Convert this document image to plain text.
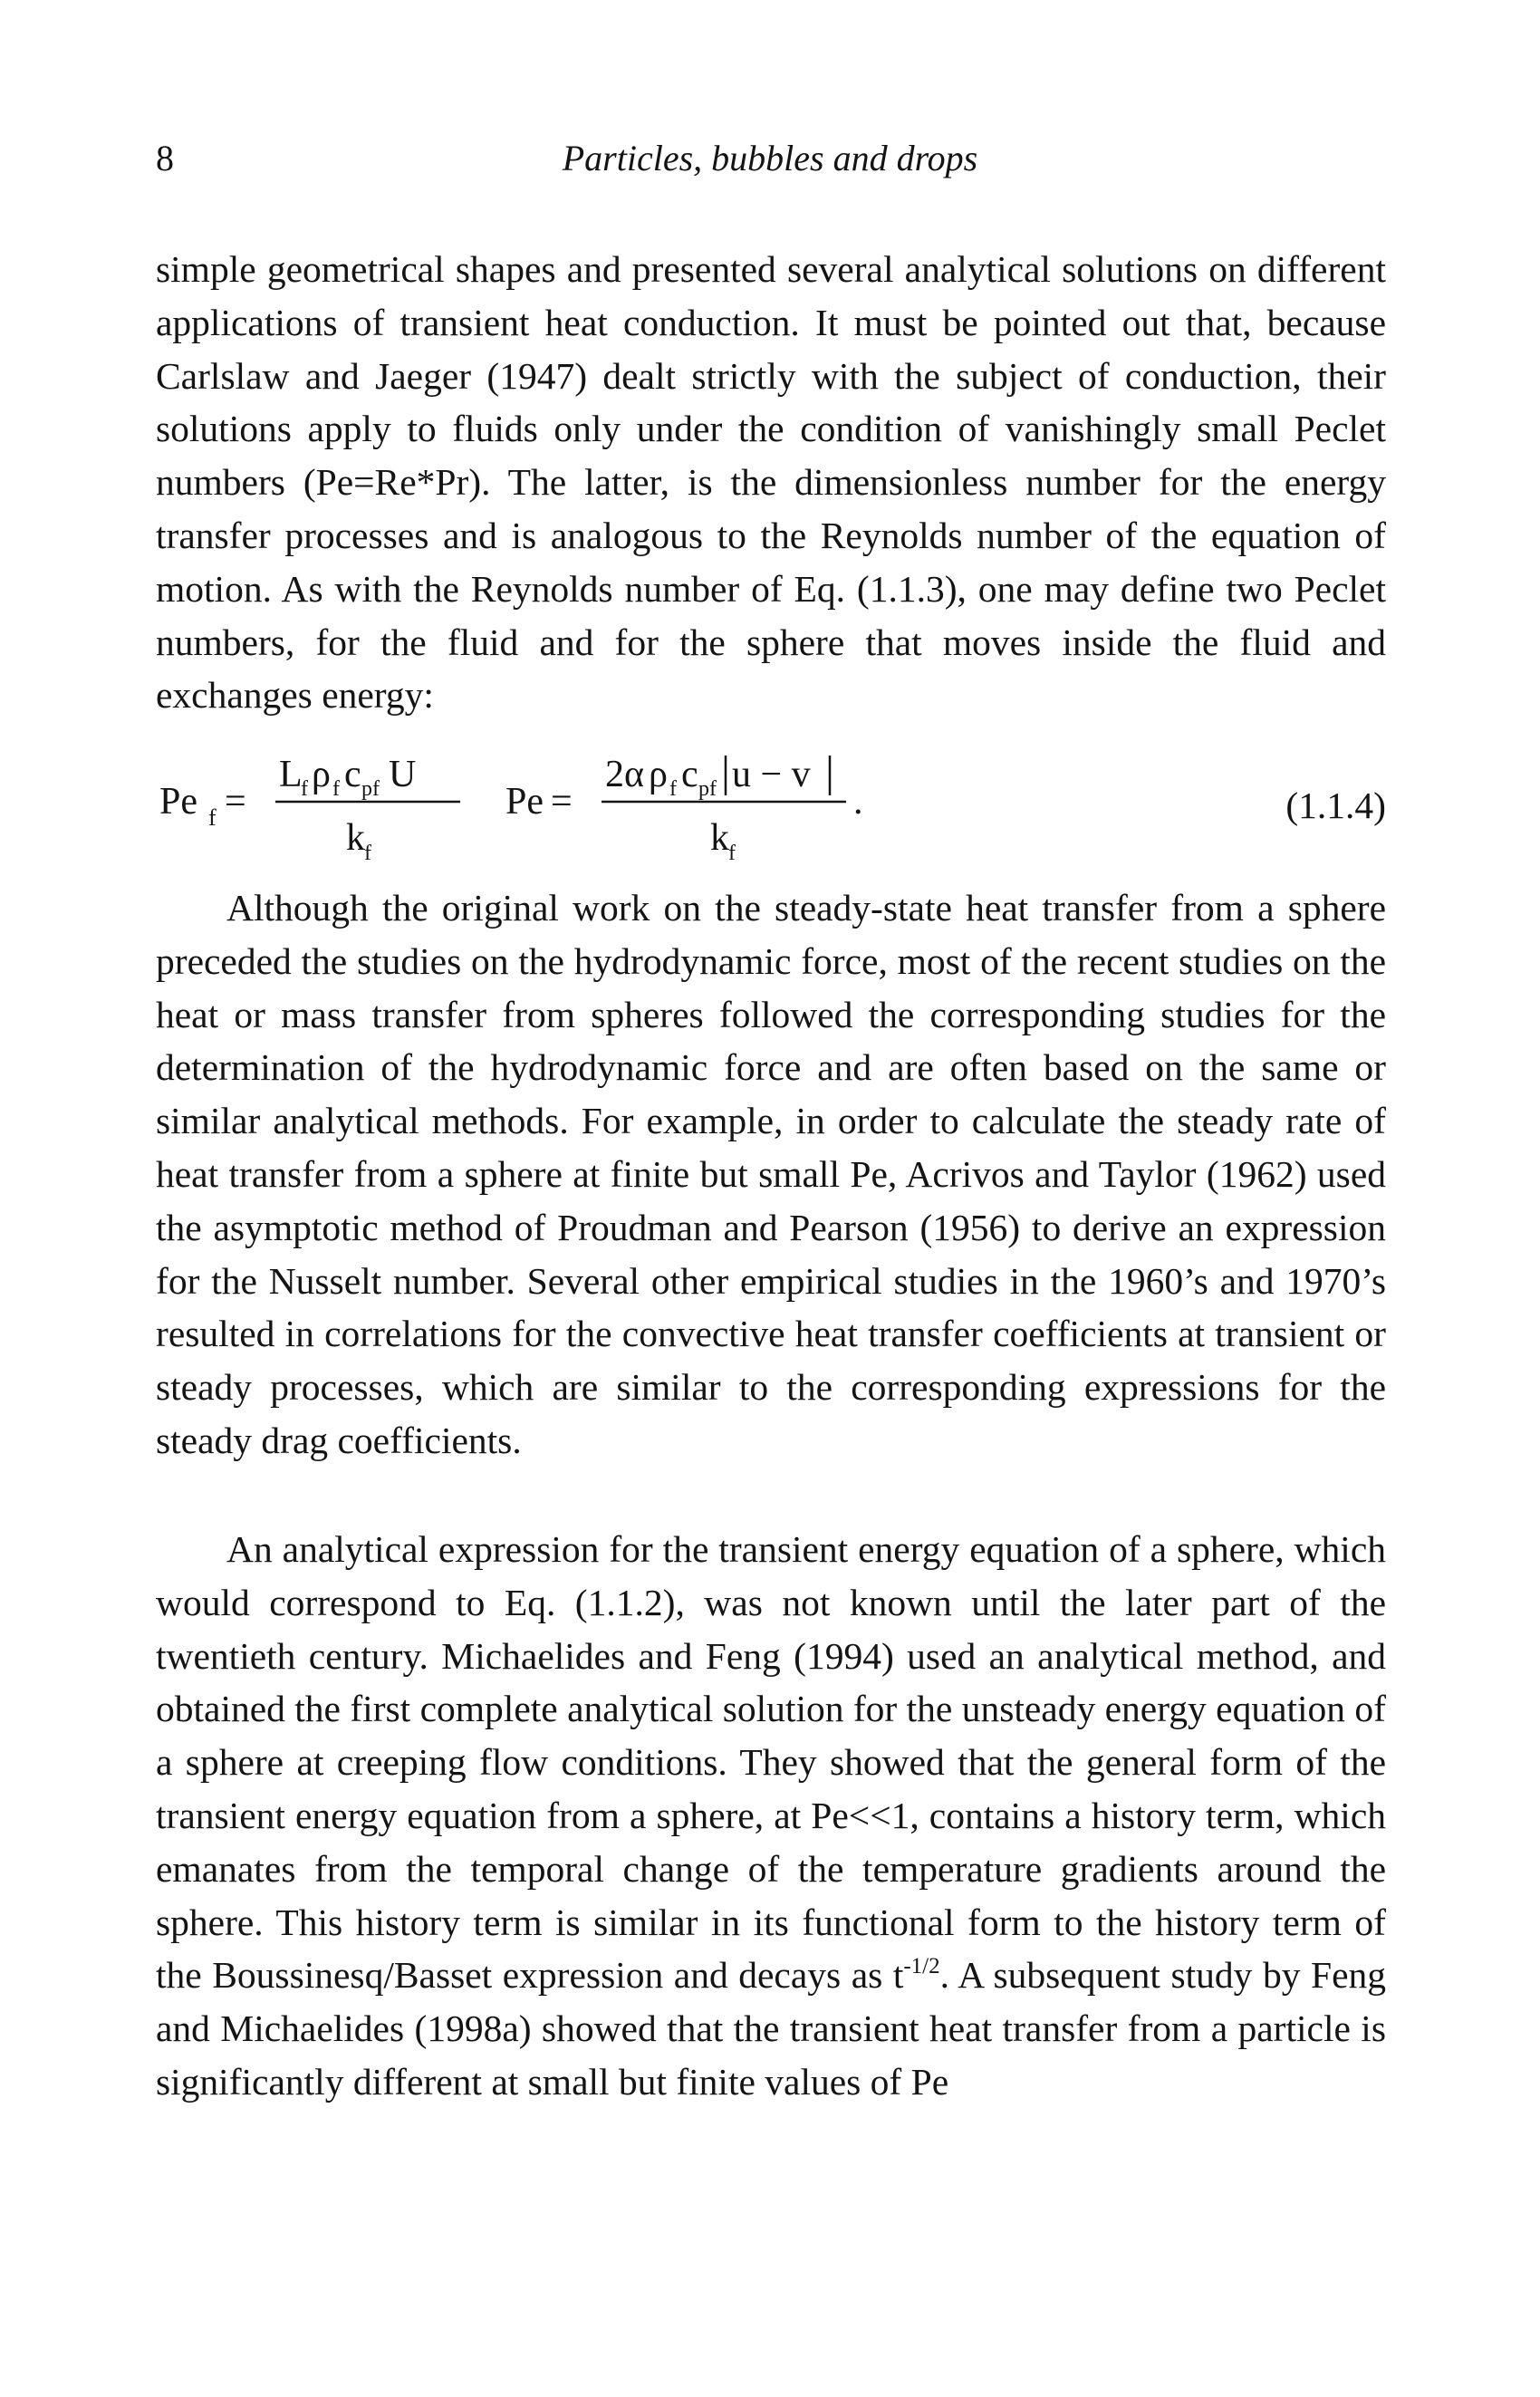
8	Particles, bubbles and drops

simple geometrical shapes and presented several analytical solutions on different applications of transient heat conduction. It must be pointed out that, because Carlslaw and Jaeger (1947) dealt strictly with the subject of conduction, their solutions apply to fluids only under the condition of vanishingly small Peclet numbers (Pe=Re*Pr). The latter, is the dimensionless number for the energy transfer processes and is analogous to the Reynolds number of the equation of motion. As with the Reynolds number of Eq. (1.1.3), one may define two Peclet numbers, for the fluid and for the sphere that moves inside the fluid and exchanges energy:

Pe f =
L
f ρ f c pf U
k f
Pe =
2α ρ f c pf u − v
k f
.	(1.1.4)

Although the original work on the steady-state heat transfer from a sphere preceded the studies on the hydrodynamic force, most of the recent studies on the heat or mass transfer from spheres followed the corresponding studies for the determination of the hydrodynamic force and are often based on the same or similar analytical methods. For example, in order to calculate the steady rate of heat transfer from a sphere at finite but small Pe, Acrivos and Taylor (1962) used the asymptotic method of Proudman and Pearson (1956) to derive an expression for the Nusselt number. Several other empirical studies in the 1960’s and 1970’s resulted in correlations for the convective heat transfer coefficients at transient or steady processes, which are similar to the corresponding expressions for the steady drag coefficients.

An analytical expression for the transient energy equation of a sphere, which would correspond to Eq. (1.1.2), was not known until the later part of the twentieth century. Michaelides and Feng (1994) used an analytical method, and obtained the first complete analytical solution for the unsteady energy equation of a sphere at creeping flow conditions. They showed that the general form of the transient energy equation from a sphere, at Pe<<1, contains a history term, which emanates from the temporal change of the temperature gradients around the sphere. This history term is similar in its functional form to the history term of the Boussinesq/Basset expression and decays as $t^{-1/2}$. A subsequent study by Feng and Michaelides (1998a) showed that the transient heat transfer from a particle is significantly different at small but finite values of Pe
